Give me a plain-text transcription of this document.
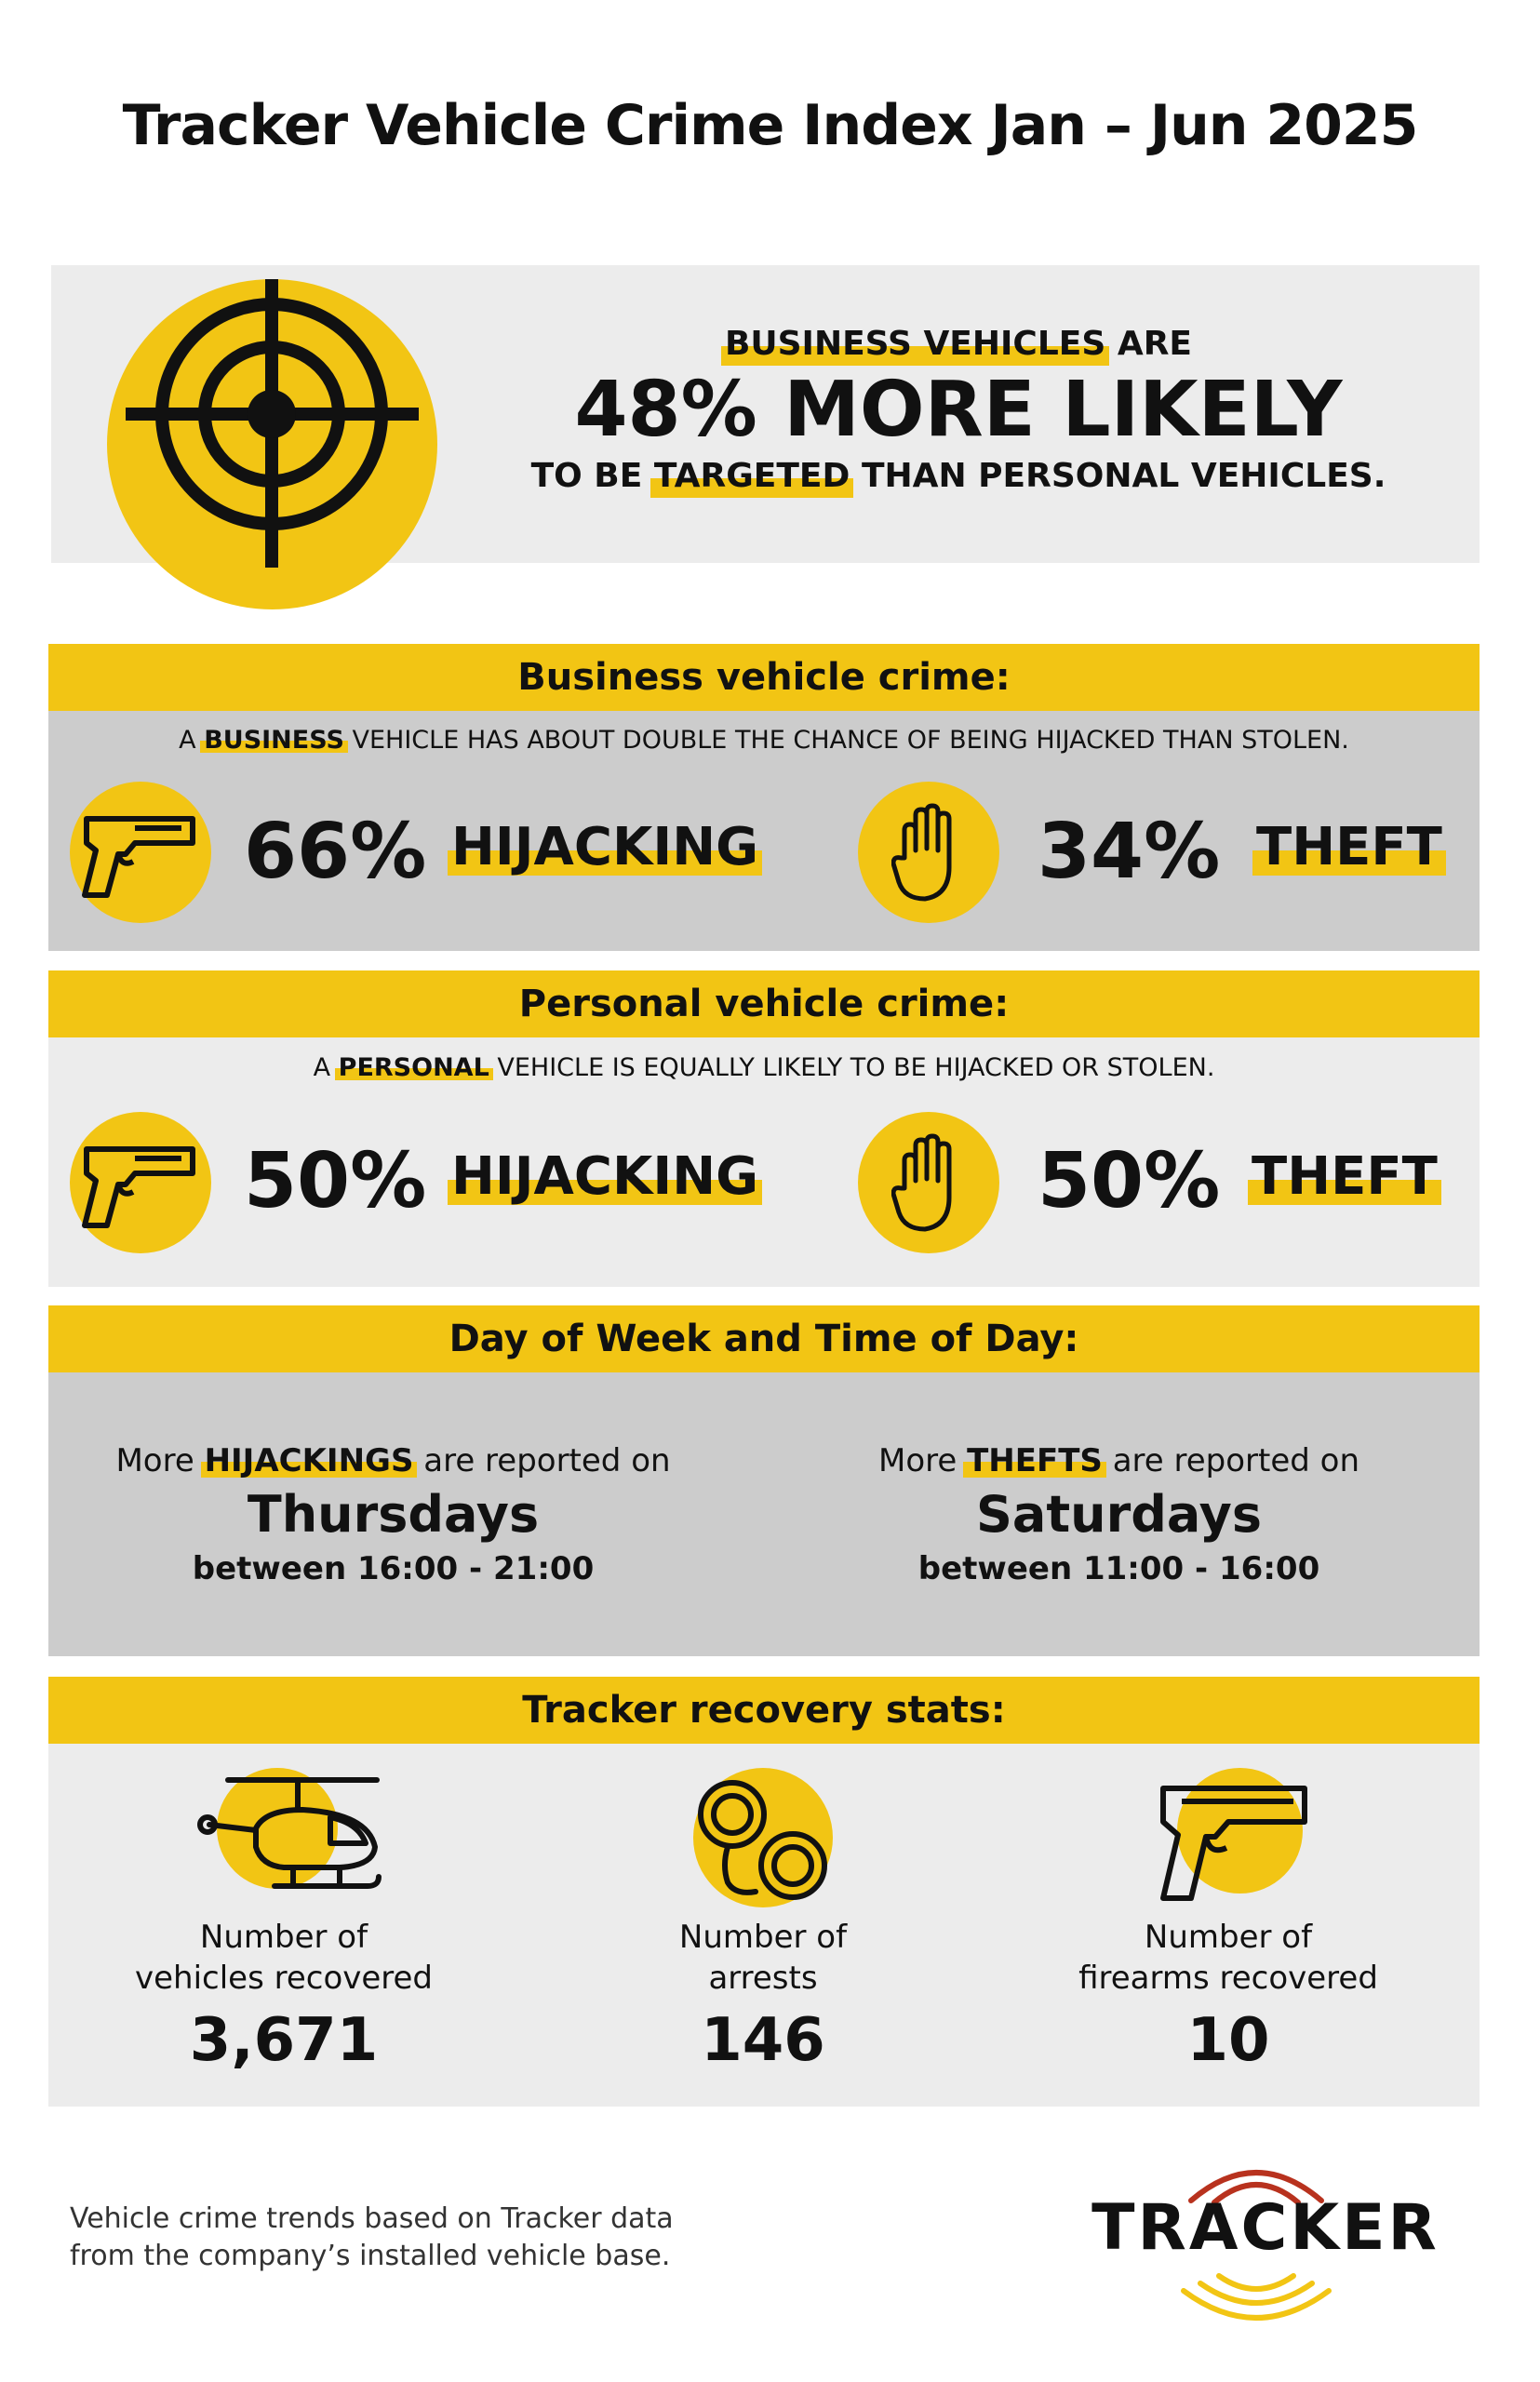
Tracker Vehicle Crime Index Jan – Jun 2025
BUSINESS VEHICLES ARE
48% MORE LIKELY
TO BE TARGETED THAN PERSONAL VEHICLES.
Business vehicle crime:
A BUSINESS VEHICLE HAS ABOUT DOUBLE THE CHANCE OF BEING HIJACKED THAN STOLEN.
66% HIJACKING	34% THEFT
Personal vehicle crime:
A PERSONAL VEHICLE IS EQUALLY LIKELY TO BE HIJACKED OR STOLEN.
50% HIJACKING	50% THEFT
Day of Week and Time of Day:
More HIJACKINGS are reported on
Thursdays
between 16:00 - 21:00
More THEFTS are reported on
Saturdays
between 11:00 - 16:00
Tracker recovery stats:
Number of
vehicles recovered
3,671
Number of
arrests
146
Number of
firearms recovered
10
Vehicle crime trends based on Tracker data
from the company’s installed vehicle base.	TRACKER
